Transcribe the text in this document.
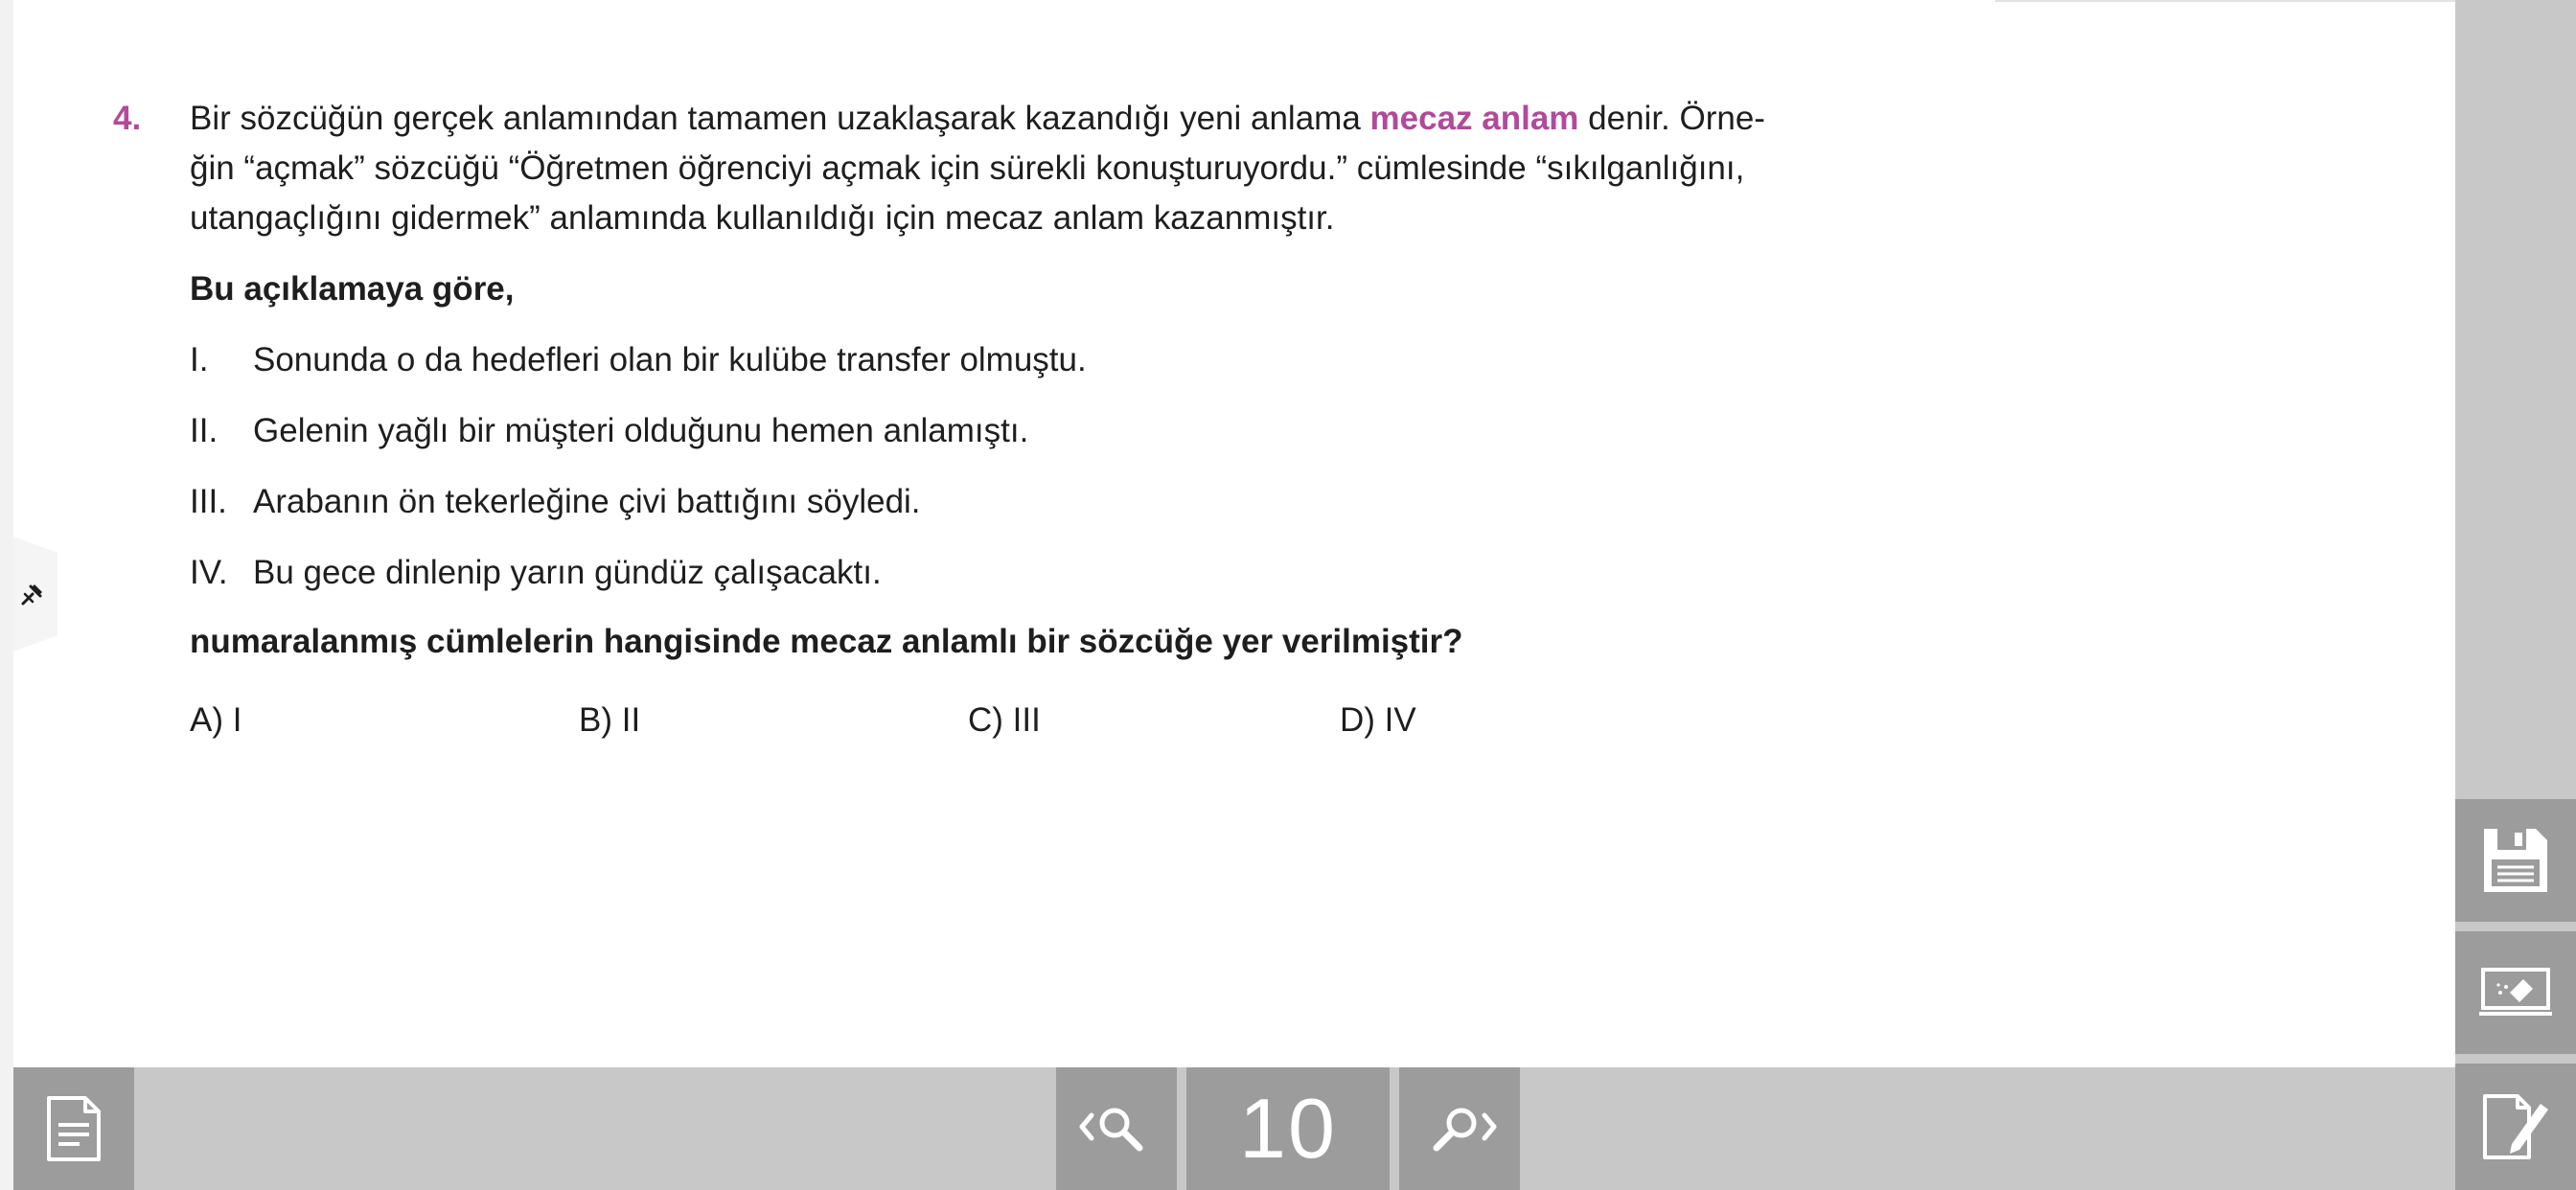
4. Bir sözcüğün gerçek anlamından tamamen uzaklaşarak kazandığı yeni anlama mecaz anlam denir. Örne-
ğin “açmak” sözcüğü “Öğretmen öğrenciyi açmak için sürekli konuşturuyordu.” cümlesinde “sıkılganlığını,
utangaçlığını gidermek” anlamında kullanıldığı için mecaz anlam kazanmıştır.

Bu açıklamaya göre,

I. Sonunda o da hedefleri olan bir kulübe transfer olmuştu.
II. Gelenin yağlı bir müşteri olduğunu hemen anlamıştı.
III. Arabanın ön tekerleğine çivi battığını söyledi.
IV. Bu gece dinlenip yarın gündüz çalışacaktı.

numaralanmış cümlelerin hangisinde mecaz anlamlı bir sözcüğe yer verilmiştir?

A) I	B) II	C) III	D) IV
10
